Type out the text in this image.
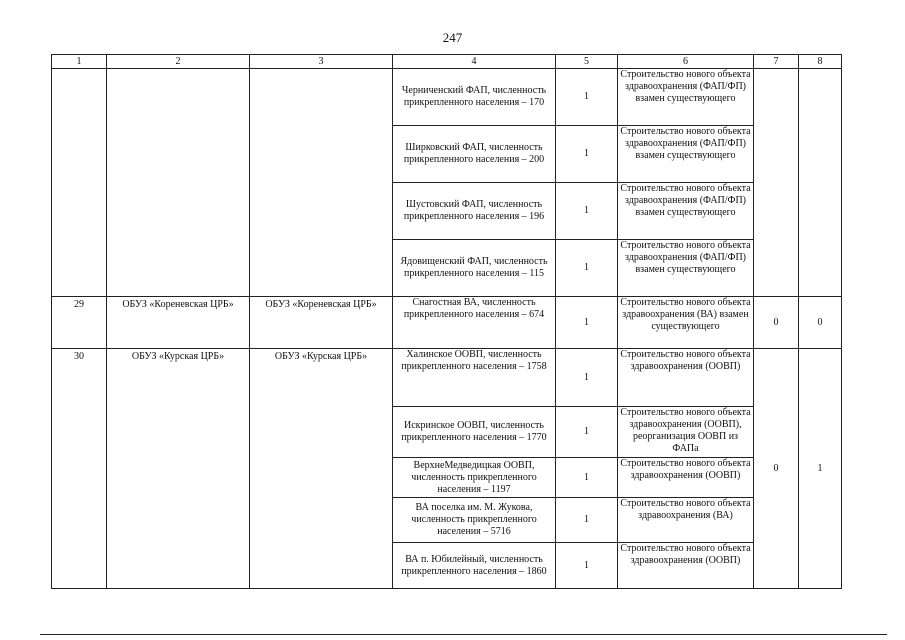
247
1	2	3	4	5	6	7	8
			Черниченский ФАП, численность прикрепленного населения – 170	1	Строительство нового объекта здравоохранения (ФАП/ФП) взамен существующего		
			Ширковский ФАП, численность прикрепленного населения – 200	1	Строительство нового объекта здравоохранения (ФАП/ФП) взамен существующего		
			Шустовский ФАП, численность прикрепленного населения – 196	1	Строительство нового объекта здравоохранения (ФАП/ФП) взамен существующего		
			Ядовищенский ФАП, численность прикрепленного населения – 115	1	Строительство нового объекта здравоохранения (ФАП/ФП) взамен существующего		
29	ОБУЗ «Кореневская ЦРБ»	ОБУЗ «Кореневская ЦРБ»	Снагостная ВА, численность прикрепленного населения – 674	1	Строительство нового объекта здравоохранения (ВА) взамен существующего	0	0
30	ОБУЗ «Курская ЦРБ»	ОБУЗ «Курская ЦРБ»	Халинское ООВП, численность прикрепленного населения – 1758	1	Строительство нового объекта здравоохранения (ООВП)	0	1
			Искринское ООВП, численность прикрепленного населения – 1770	1	Строительство нового объекта здравоохранения (ООВП), реорганизация ООВП из ФАПа		
			ВерхнеМедведицкая ООВП, численность прикрепленного населения – 1197	1	Строительство нового объекта здравоохранения (ООВП)		
			ВА поселка им. М. Жукова, численность прикрепленного населения – 5716	1	Строительство нового объекта здравоохранения (ВА)		
			ВА п. Юбилейный, численность прикрепленного населения – 1860	1	Строительство нового объекта здравоохранения (ООВП)		
